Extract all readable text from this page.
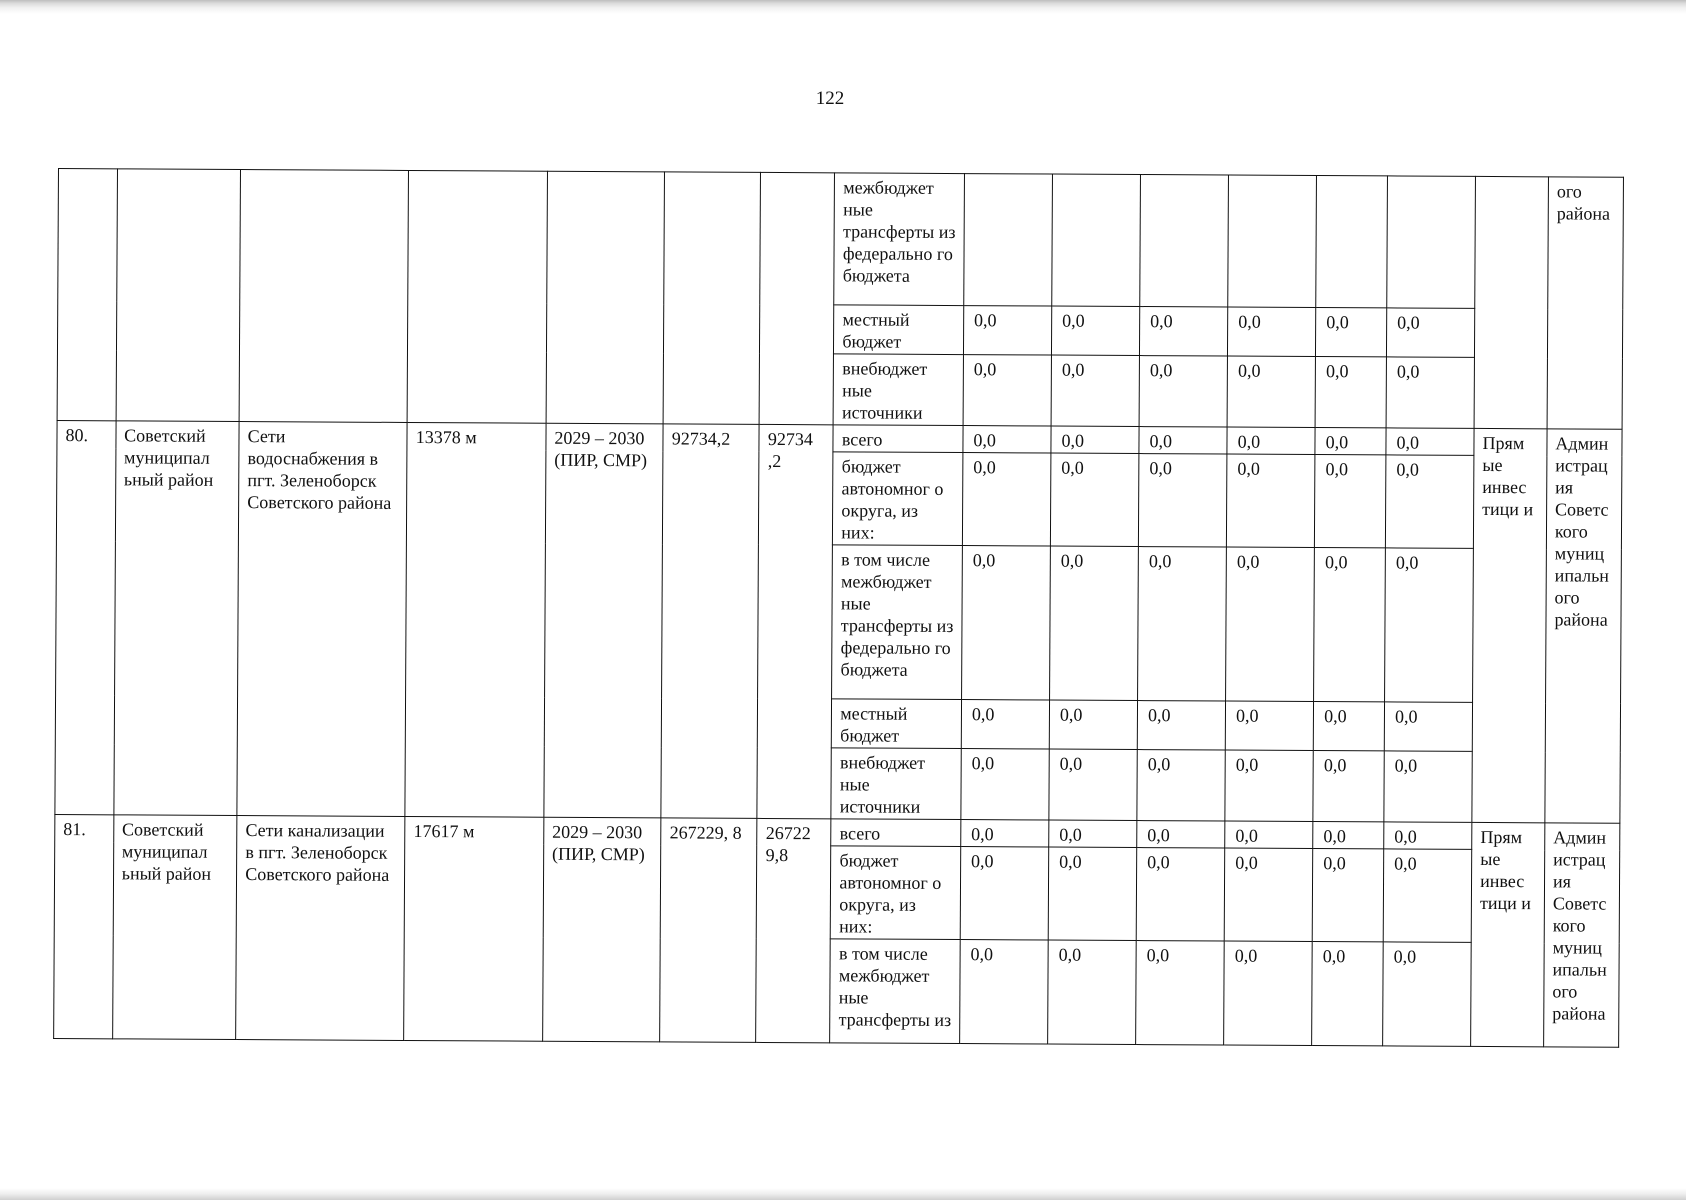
122
							межбюджет ные трансферты из федерально го бюджета								ого района
							местный бюджет	0,0	0,0	0,0	0,0	0,0	0,0		
							внебюджет ные источники	0,0	0,0	0,0	0,0	0,0	0,0		
80.	Советский муниципал ьный район	Сети водоснабжения в пгт. Зеленоборск Советского района	13378 м	2029 – 2030 (ПИР, СМР)	92734,2	92734 ,2	всего	0,0	0,0	0,0	0,0	0,0	0,0	Прям ые инвес тици и	Админ истрац ия Советс кого муниц ипальн ого района
							бюджет автономног о округа, из них:	0,0	0,0	0,0	0,0	0,0	0,0		
							в том числе межбюджет ные трансферты из федерально го бюджета	0,0	0,0	0,0	0,0	0,0	0,0		
							местный бюджет	0,0	0,0	0,0	0,0	0,0	0,0		
							внебюджет ные источники	0,0	0,0	0,0	0,0	0,0	0,0		
81.	Советский муниципал ьный район	Сети канализации в пгт. Зеленоборск Советского района	17617 м	2029 – 2030 (ПИР, СМР)	267229, 8	26722 9,8	всего	0,0	0,0	0,0	0,0	0,0	0,0	Прям ые инвес тици и	Админ истрац ия Советс кого муниц ипальн ого района
							бюджет автономног о округа, из них:	0,0	0,0	0,0	0,0	0,0	0,0		
							в том числе межбюджет ные трансферты из	0,0	0,0	0,0	0,0	0,0	0,0		
